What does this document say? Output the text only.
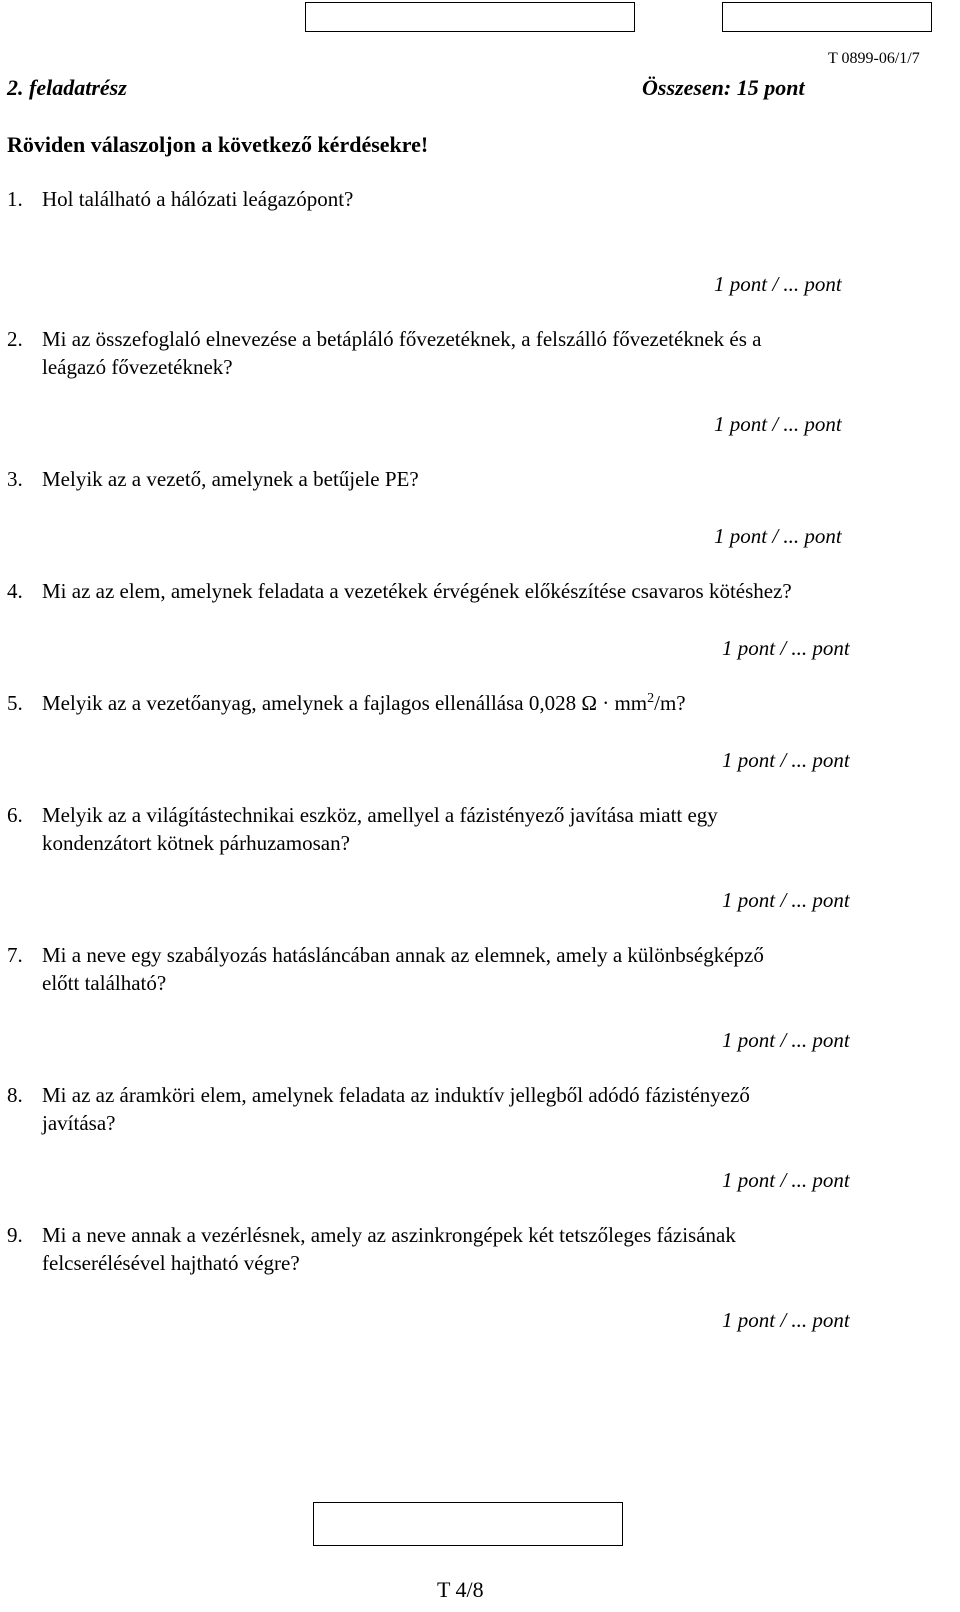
T 0899-06/1/7
2. feladatrész	Összesen: 15 pont
Röviden válaszoljon a következő kérdésekre!
1. Hol található a hálózati leágazópont?
1 pont / ... pont
2. Mi az összefoglaló elnevezése a betápláló fővezetéknek, a felszálló fővezetéknek és a
leágazó fővezetéknek?
1 pont / ... pont
3. Melyik az a vezető, amelynek a betűjele PE?
1 pont / ... pont
4. Mi az az elem, amelynek feladata a vezetékek érvégének előkészítése csavaros kötéshez?
1 pont / ... pont
5. Melyik az a vezetőanyag, amelynek a fajlagos ellenállása 0,028 $\Omega \cdot mm^2/m$?
1 pont / ... pont
6. Melyik az a világítástechnikai eszköz, amellyel a fázistényező javítása miatt egy
kondenzátort kötnek párhuzamosan?
1 pont / ... pont
7. Mi a neve egy szabályozás hatásláncában annak az elemnek, amely a különbségképző
előtt található?
1 pont / ... pont
8. Mi az az áramköri elem, amelynek feladata az induktív jellegből adódó fázistényező
javítása?
1 pont / ... pont
9. Mi a neve annak a vezérlésnek, amely az aszinkrongépek két tetszőleges fázisának
felcserélésével hajtható végre?
1 pont / ... pont
T 4/8
